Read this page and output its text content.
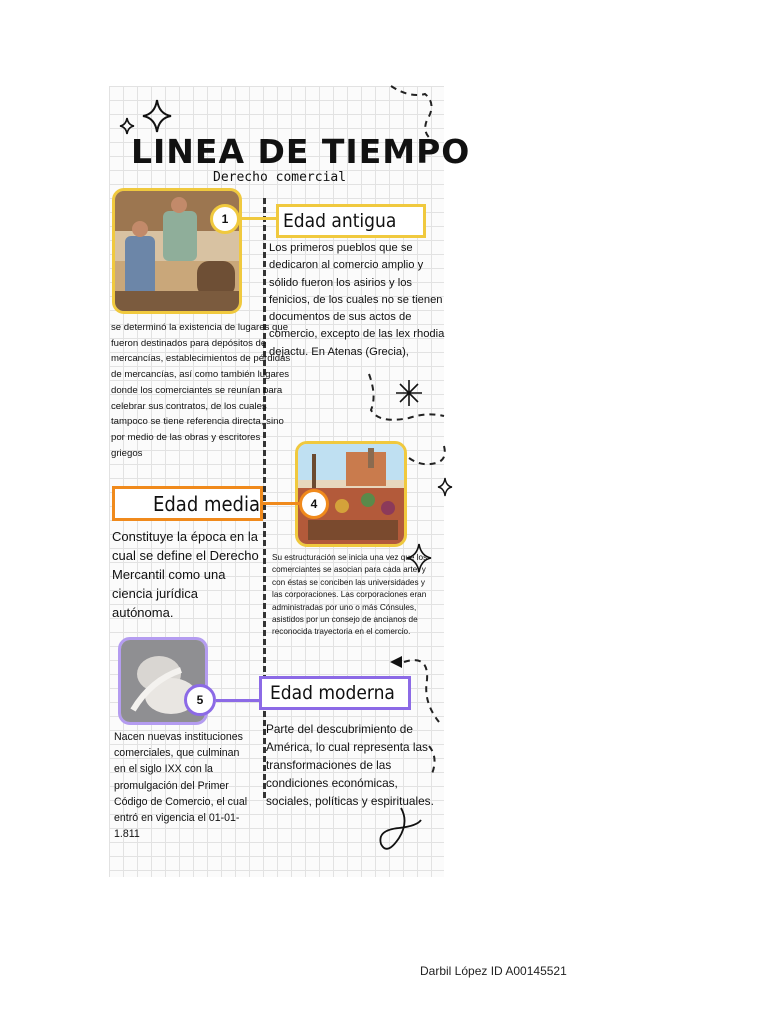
LINEA DE TIEMPO
Derecho comercial
1	Edad antigua
Los primeros pueblos que se dedicaron al comercio amplio y sólido fueron los asirios y los fenicios, de los cuales no se tienen documentos de sus actos de comercio, excepto de las lex rhodia dejactu. En Atenas (Grecia),
se determinó la existencia de lugares que fueron destinados para depósitos de mercancías, establecimientos de pérdidas de mercancías, así como también lugares donde los comerciantes se reunían para celebrar sus contratos, de los cuales tampoco se tiene referencia directa, sino por medio de las obras y escritores griegos
4
Edad media
Constituye la época en la cual se define el Derecho Mercantil como una ciencia jurídica autónoma.
Su estructuración se inicia una vez que los comerciantes se asocian para cada arte, y con éstas se conciben las universidades y las corporaciones. Las corporaciones eran administradas por uno o más Cónsules, asistidos por un consejo de ancianos de reconocida trayectoria en el comercio.
5	Edad moderna
Parte del descubrimiento de América, lo cual representa las transformaciones de las condiciones económicas, sociales, políticas y espirituales.
Nacen nuevas instituciones comerciales, que culminan en el siglo IXX con la promulgación del Primer Código de Comercio, el cual entró en vigencia el 01-01-1.811
Darbil López ID A00145521
